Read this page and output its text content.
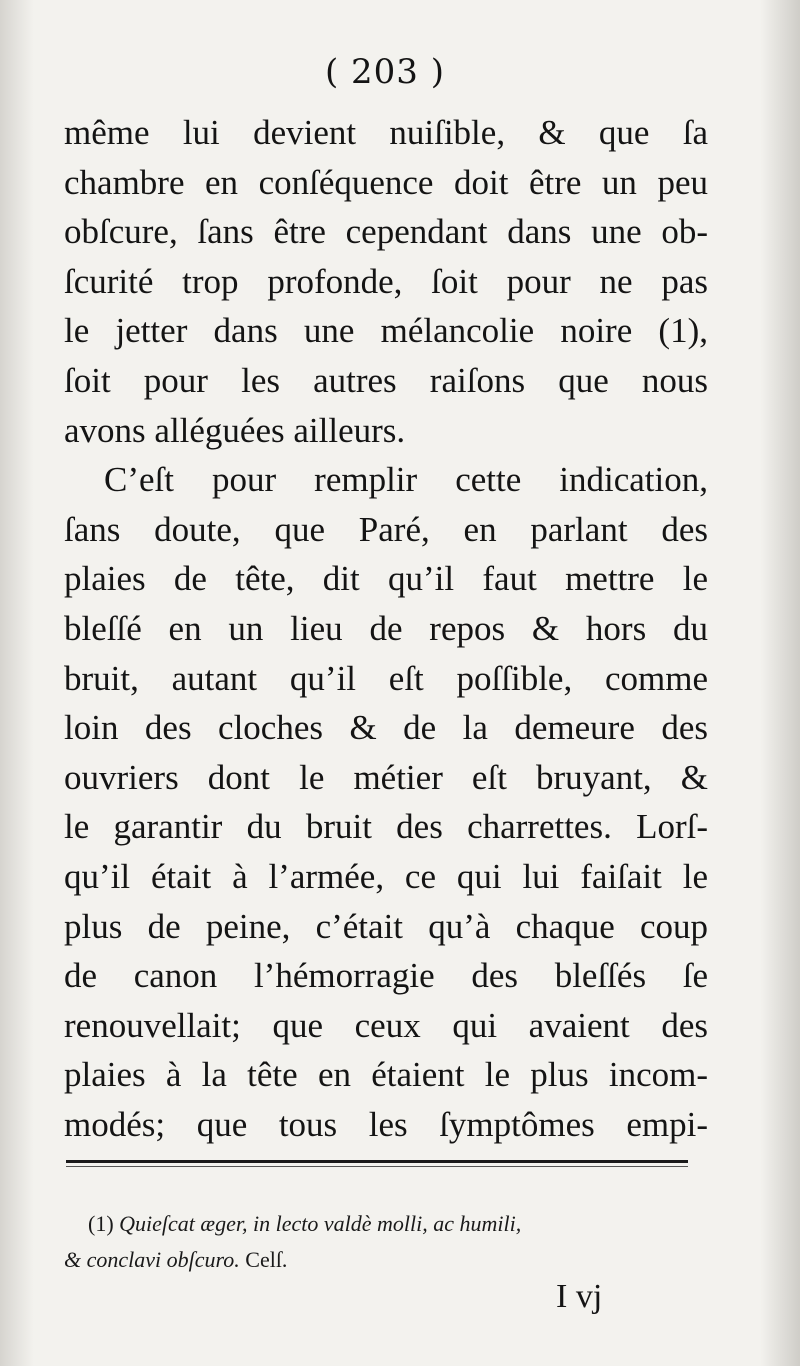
( 203 )
même lui devient nuiſible, & que ſa
chambre en conſéquence doit être un peu
obſcure, ſans être cependant dans une ob-
ſcurité trop profonde, ſoit pour ne pas
le jetter dans une mélancolie noire (1),
ſoit pour les autres raiſons que nous
avons alléguées ailleurs.
C’eſt pour remplir cette indication,
ſans doute, que Paré, en parlant des
plaies de tête, dit qu’il faut mettre le
bleſſé en un lieu de repos & hors du
bruit, autant qu’il eſt poſſible, comme
loin des cloches & de la demeure des
ouvriers dont le métier eſt bruyant, &
le garantir du bruit des charrettes. Lorſ-
qu’il était à l’armée, ce qui lui faiſait le
plus de peine, c’était qu’à chaque coup
de canon l’hémorragie des bleſſés ſe
renouvellait; que ceux qui avaient des
plaies à la tête en étaient le plus incom-
modés; que tous les ſymptômes empi-
(1) Quieſcat æger, in lecto valdè molli, ac humili,
& conclavi obſcuro. Celſ.
I vj
